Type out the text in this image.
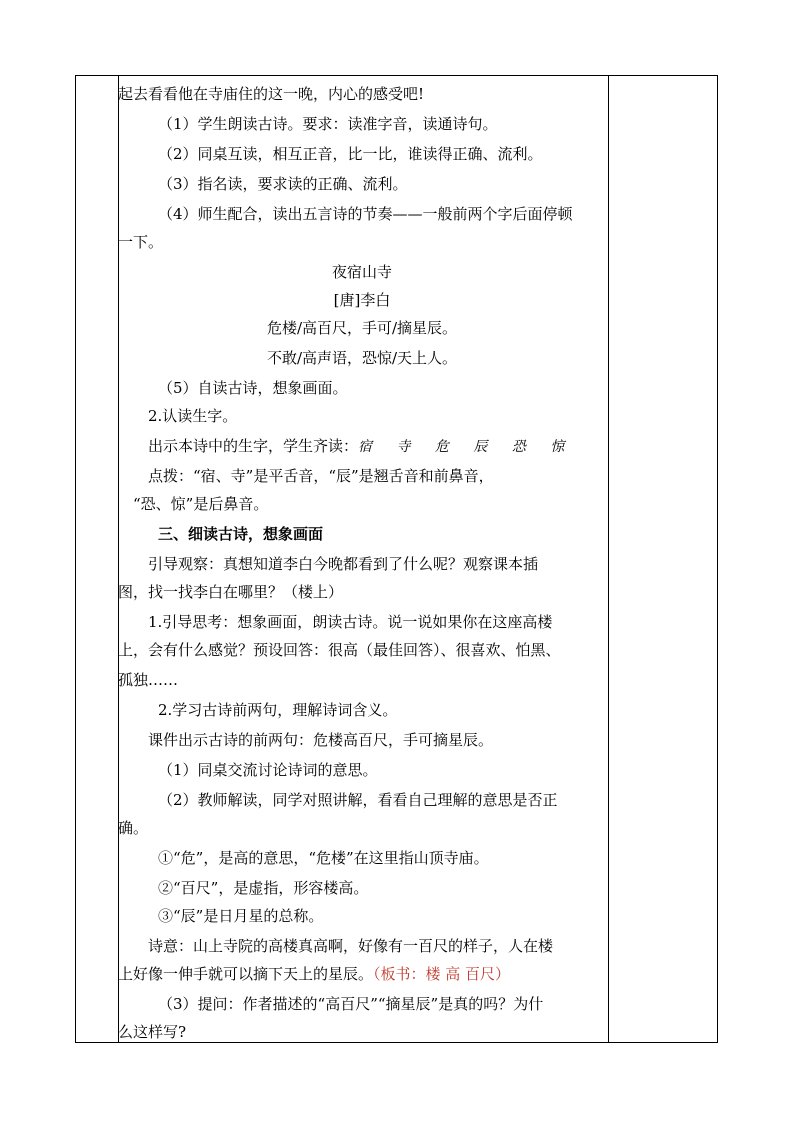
起去看看他在寺庙住的这一晚，内心的感受吧!
（1）学生朗读古诗。要求：读准字音，读通诗句。
（2）同桌互读，相互正音，比一比，谁读得正确、流利。
（3）指名读，要求读的正确、流利。
（4）师生配合，读出五言诗的节奏——一般前两个字后面停顿
一下。
夜宿山寺
[唐]李白
危楼/高百尺，手可/摘星辰。
不敢/高声语，恐惊/天上人。
（5）自读古诗，想象画面。
2.认读生字。
出示本诗中的生字，学生齐读：宿 寺 危 辰 恐 惊
点拨：“宿、寺”是平舌音，“辰”是翘舌音和前鼻音，
“恐、惊”是后鼻音。
三、细读古诗，想象画面
引导观察：真想知道李白今晚都看到了什么呢？观察课本插
图，找一找李白在哪里？（楼上）
1.引导思考：想象画面，朗读古诗。说一说如果你在这座高楼
上，会有什么感觉？预设回答：很高（最佳回答）、很喜欢、怕黑、
孤独……
2.学习古诗前两句，理解诗词含义。
课件出示古诗的前两句：危楼高百尺，手可摘星辰。
（1）同桌交流讨论诗词的意思。
（2）教师解读，同学对照讲解，看看自己理解的意思是否正
确。
①“危”，是高的意思，“危楼”在这里指山顶寺庙。
②“百尺”，是虚指，形容楼高。
③“辰”是日月星的总称。
诗意：山上寺院的高楼真高啊，好像有一百尺的样子，人在楼
上好像一伸手就可以摘下天上的星辰。（板书：楼 高 百尺）
（3）提问：作者描述的“高百尺”“摘星辰”是真的吗？为什
么这样写?
